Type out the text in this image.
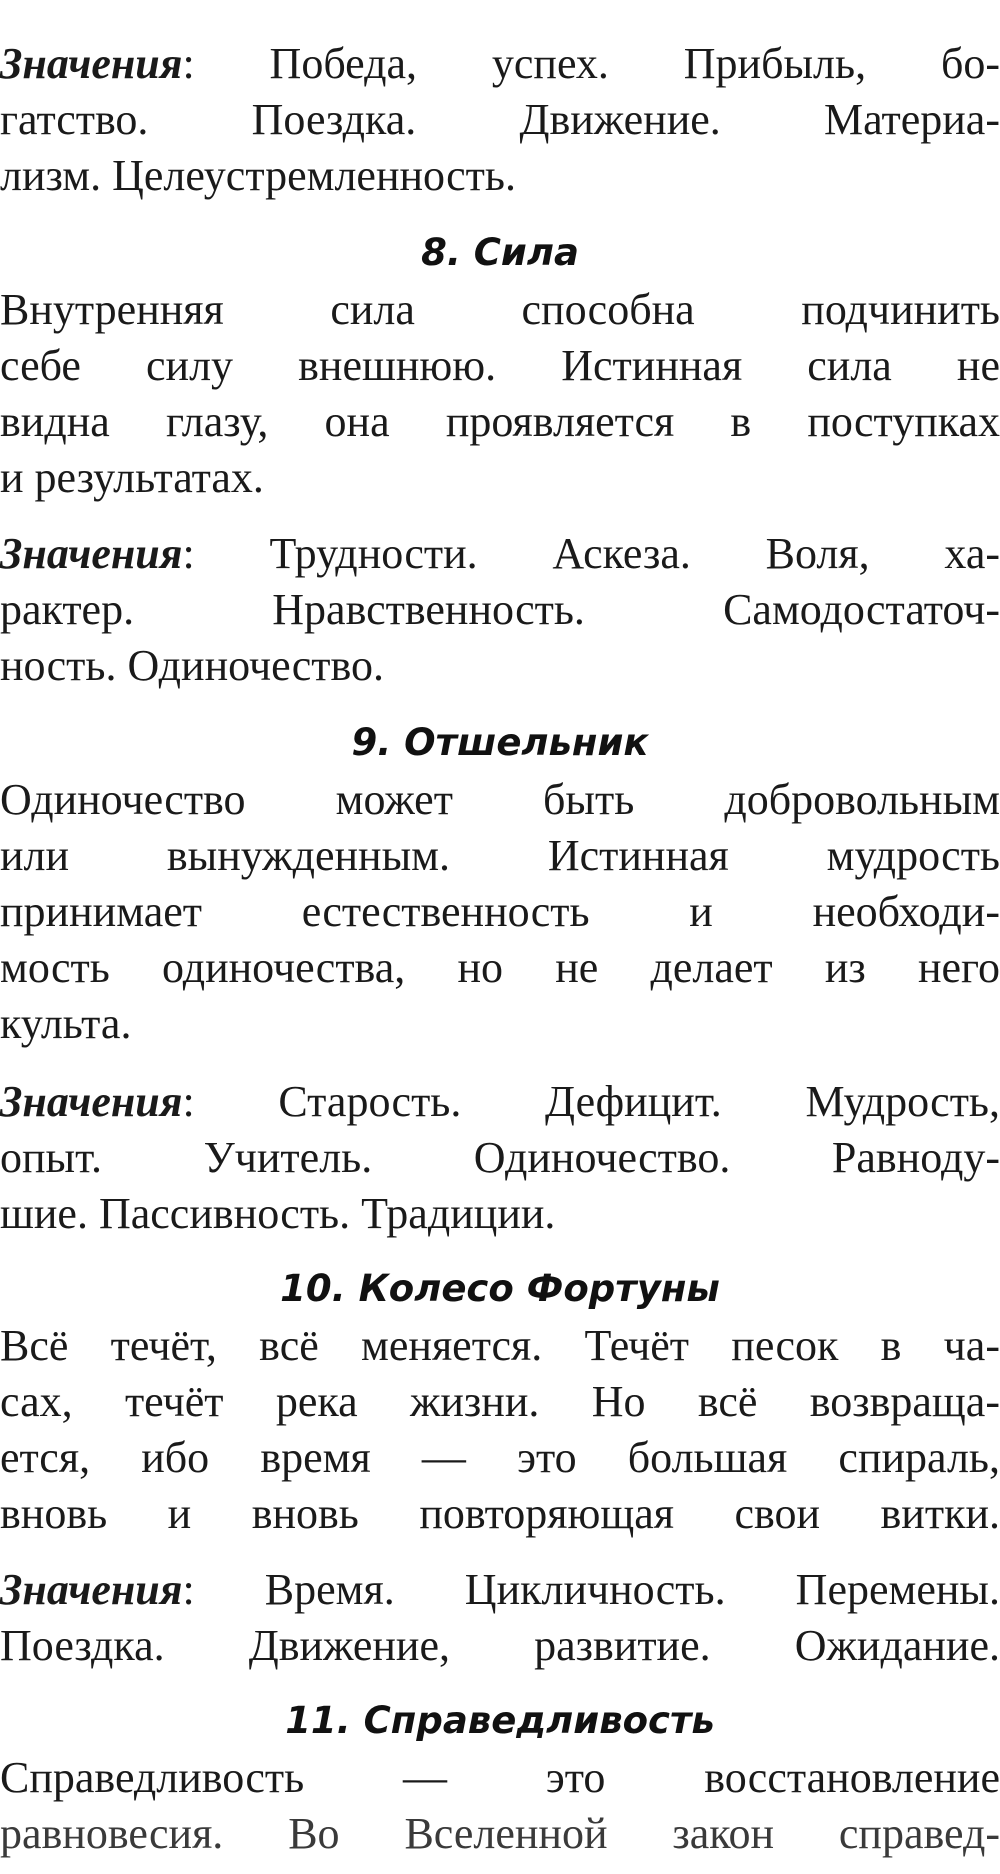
Значения: Победа, успех. Прибыль, бо-
гатство. Поездка. Движение. Материа-
лизм. Целеустремленность.
8. Сила
Внутренняя сила способна подчинить
себе силу внешнюю. Истинная сила не
видна глазу, она проявляется в поступках
и результатах.
Значения: Трудности. Аскеза. Воля, ха-
рактер. Нравственность. Самодостаточ-
ность. Одиночество.
9. Отшельник
Одиночество может быть добровольным
или вынужденным. Истинная мудрость
принимает естественность и необходи-
мость одиночества, но не делает из него
культа.
Значения: Старость. Дефицит. Мудрость,
опыт. Учитель. Одиночество. Равноду-
шие. Пассивность. Традиции.
10. Колесо Фортуны
Всё течёт, всё меняется. Течёт песок в ча-
сах, течёт река жизни. Но всё возвраща-
ется, ибо время — это большая спираль,
вновь и вновь повторяющая свои витки.
Значения: Время. Цикличность. Перемены.
Поездка. Движение, развитие. Ожидание.
11. Справедливость
Справедливость — это восстановление
равновесия. Во Вселенной закон справед-
